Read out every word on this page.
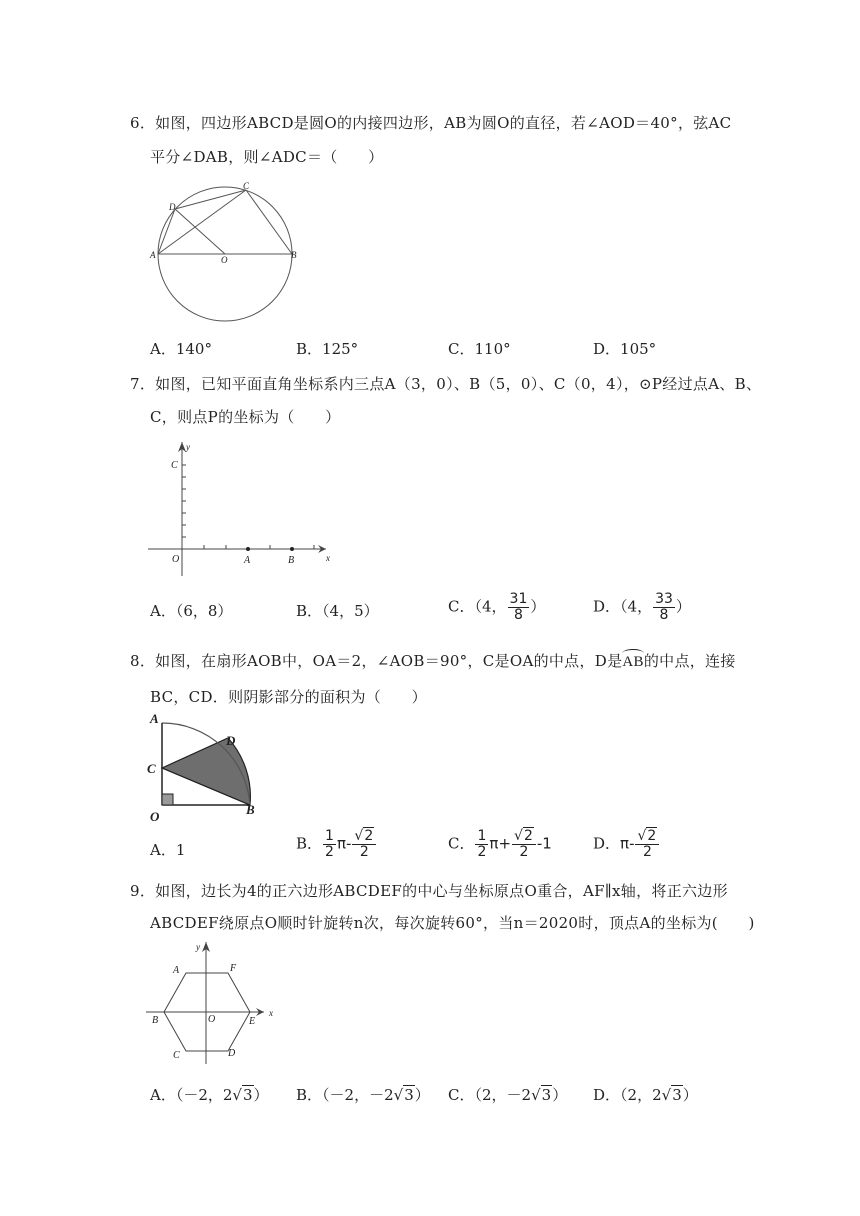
6．如图，四边形ABCD是圆O的内接四边形，AB为圆O的直径，若∠AOD＝40°，弦AC
平分∠DAB，则∠ADC＝（　　）
A	B
C
D
O
A．140°	B．125°	C．110°	D．105°
7．如图，已知平面直角坐标系内三点A（3，0）、B（5，0）、C（0，4），⊙P经过点A、B、
C，则点P的坐标为（　　）
y
x
C
O	A	B
A．（6，8）	B．（4，5）	C．（4， $\frac{31}{8}$ ）	D．（4， $\frac{33}{8}$ ）
8．如图，在扇形AOB中，OA＝2，∠AOB＝90°，C是OA的中点，D是
AB的中点，连接
BC，CD．则阴影部分的面积为（　　）
A
C
D
O	B
A．1	B． $\frac{1}{2} \pi- \frac{√2}{2}$	C． $\frac{1}{2} \pi+ \frac{√2}{2} -1$	D．$\pi- \frac{√2}{2}$
9．如图，边长为4的正六边形ABCDEF的中心与坐标原点O重合，AF∥x轴，将正六边形
ABCDEF绕原点O顺时针旋转n次，每次旋转60°，当n＝2020时，顶点A的坐标为(　　)
y
x
A	F
B	O	E
C	D
A．（－2，2√3） B．（－2，－2√3） C．（2，－2√3） D．（2，2√3）
